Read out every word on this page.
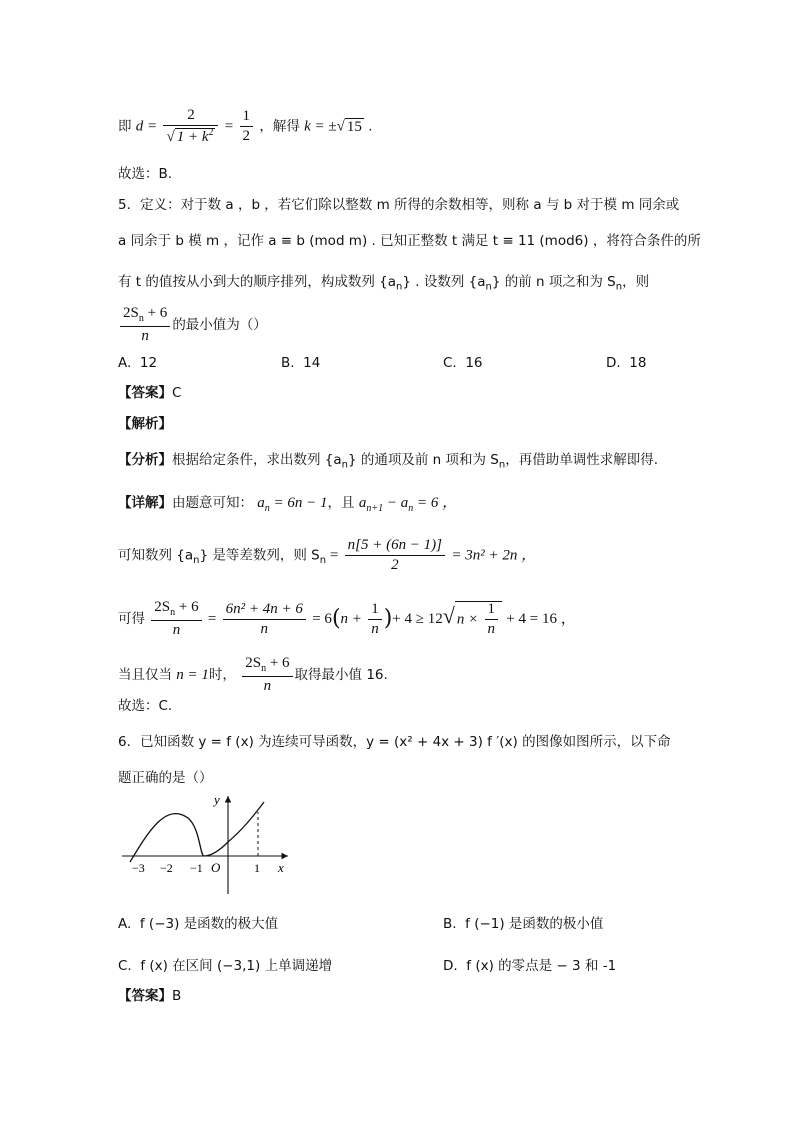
即 $d = \frac{2}{√ 1 + k^2} = \frac{1}{2}$ ，解得 k = ±√ 15 .
故选：B.
5．定义：对于数 a ，b ，若它们除以整数 m 所得的余数相等，则称 a 与 b 对于模 m 同余或
a 同余于 b 模 m ，记作 a ≡ b (mod m) . 已知正整数 t 满足 t ≡ 11 (mod6) ，将符合条件的所
有 t 的值按从小到大的顺序排列，构成数列 $\{a_n\}$ . 设数列 $\{a_n\}$ 的前 n 项之和为 $S_n$，则
$\frac{2S_n + 6}{n}$ 的最小值为（）
A. 12	B. 14	C. 16	D. 18
【答案】C
【解析】
【分析】根据给定条件，求出数列 $\{a_n\}$ 的通项及前 n 项和为 $S_n$，再借助单调性求解即得.
【详解】由题意可知： $a_n = 6n - 1$，且 $a_{n+1} - a_n = 6$ ，
可知数列 $\{a_n\}$ 是等差数列，则 $S_n = \frac{n[5 + (6n - 1)]}{2} = 3n^2 + 2n$ ，
可得 $\frac{2S_n + 6}{n} = \frac{\text{6n² + 4n + 6}}{n} = 6(n + \frac{1}{n}$ )+ 4 ≥ 12√ $n \times \frac{1}{n} + 4 = 16$ ，
当且仅当 n = 1时， $\frac{2S_n + 6}{n}$ 取得最小值 16.
故选：C.
6．已知函数 y = f (x) 为连续可导函数，y = (x² + 4x + 3) f ′(x) 的图像如图所示，以下命
题正确的是（）
y
x
−3 −2 −1 O	1
A. f (−3) 是函数的极大值	B. f (−1) 是函数的极小值
C. f (x) 在区间 (−3,1) 上单调递增	D. f (x) 的零点是 − 3 和 -1
【答案】B
